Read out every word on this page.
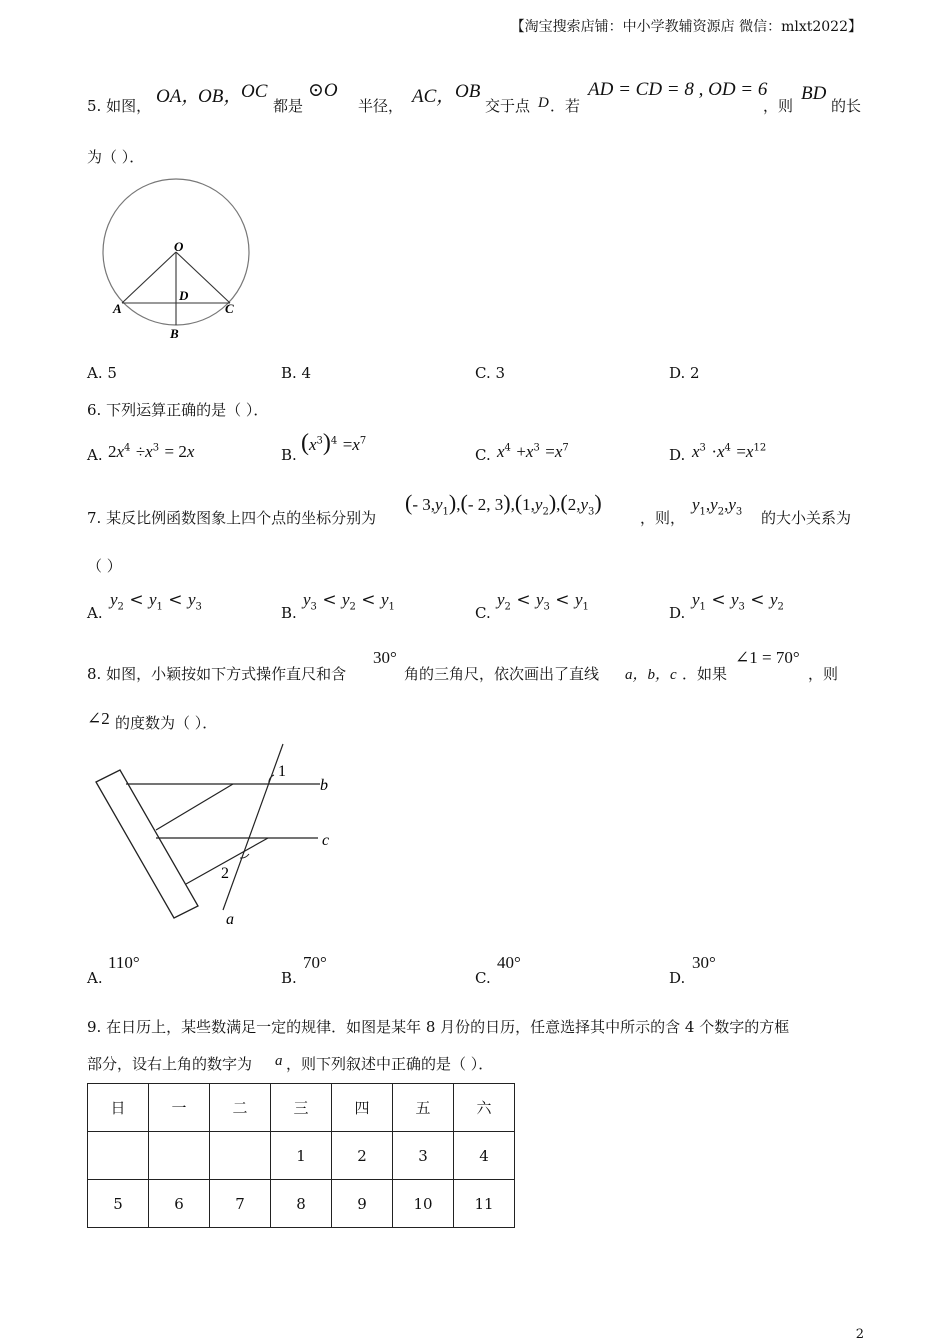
【淘宝搜索店铺：中小学教辅资源店 微信：mlxt2022】
5. 如图， OA，
OB，
OC
都是
⊙O
半径， AC， OB
交于点 D ．若
AD = CD = 8 , OD = 6
，则
BD
的长
为（ ）．
O
D
A	C
B
A. 5	B. 4	C. 3	D. 2
6. 下列运算正确的是（ ）．
A. $2x^4 \div x^3 = 2x$	B. $(x^3)^4 =x^7$
C. $x^4 +x^3 =x^7$	D. $x^3 \cdot x^4 =x^{12}$
7. 某反比例函数图象上四个点的坐标分别为
(- $3,y_1),(-$ 2, $3),(1,y_2),(2,y_3)$
，则，
$y_1,y_2,y_3$ 的大小关系为
（ ）
A.
$y_2 < y_1 < y_3$	B.
$y_3 < y_2 < y_1$	C.
$y_2 < y_3 < y_1$	D.
$y_1 < y_3 < y_2$
8. 如图，小颖按如下方式操作直尺和含
30°
角的三角尺，依次画出了直线 a，b，c ．如果
∠1 = 70°
，则
∠2 的度数为（ ）．
1
b
c
2
a
A.
110°
B.
70°
C.
40°
D.
30°
9. 在日历上，某些数满足一定的规律．如图是某年 8 月份的日历，任意选择其中所示的含 4 个数字的方框
部分，设右上角的数字为 a ，则下列叙述中正确的是（ ）．
日	一	二	三	四	五	六
			1	2	3	4
5	6	7	8	9	10	11
2
